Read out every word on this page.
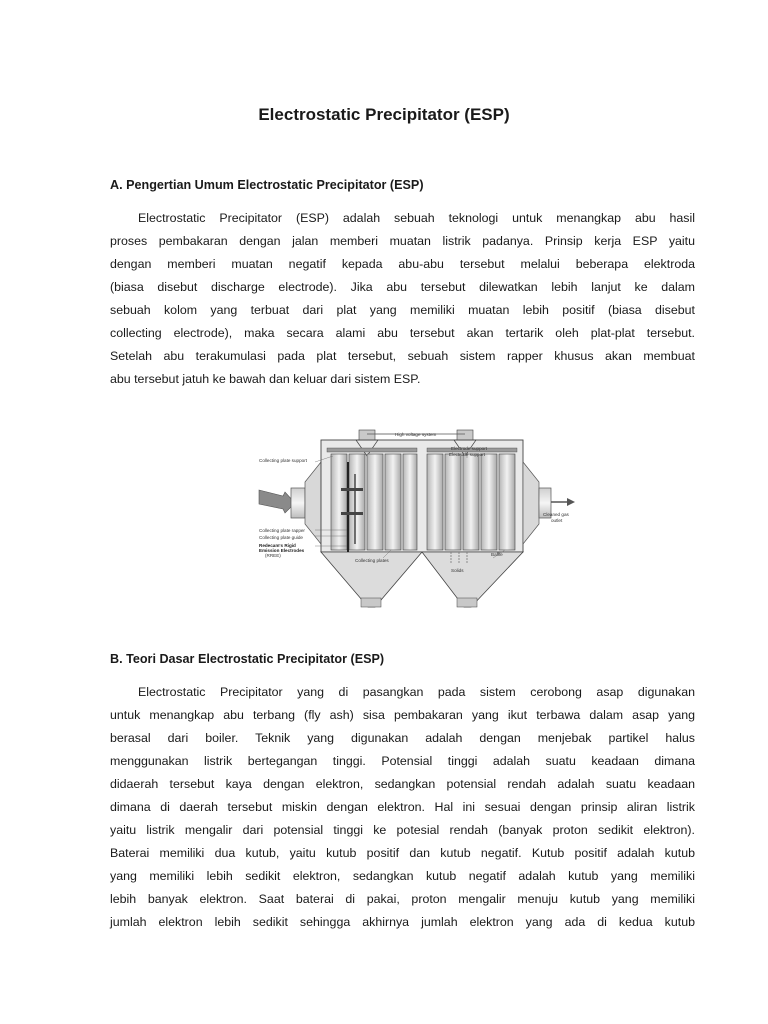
Electrostatic Precipitator (ESP)
A. Pengertian Umum Electrostatic Precipitator (ESP)
Electrostatic Precipitator (ESP) adalah sebuah teknologi untuk menangkap abu hasil
proses pembakaran dengan jalan memberi muatan listrik padanya. Prinsip kerja ESP yaitu
dengan memberi muatan negatif kepada abu-abu tersebut melalui beberapa elektroda
(biasa disebut discharge electrode). Jika abu tersebut dilewatkan lebih lanjut ke dalam
sebuah kolom yang terbuat dari plat yang memiliki muatan lebih positif (biasa disebut
collecting electrode), maka secara alami abu tersebut akan tertarik oleh plat-plat tersebut.
Setelah abu terakumulasi pada plat tersebut, sebuah sistem rapper khusus akan membuat
abu tersebut jatuh ke bawah dan keluar dari sistem ESP.
High voltage system
Electrode support
Electrode support
Collecting plate support
Cleaned gas
outlet
Collecting plate rapper
Collecting plate guide
Redecam's Rigid
Emission Electrodes
(RREE)	Baffle
Collecting plates
Solids
B. Teori Dasar Electrostatic Precipitator (ESP)
Electrostatic Precipitator yang di pasangkan pada sistem cerobong asap digunakan
untuk menangkap abu terbang (fly ash) sisa pembakaran yang ikut terbawa dalam asap yang
berasal dari boiler. Teknik yang digunakan adalah dengan menjebak partikel halus
menggunakan listrik bertegangan tinggi. Potensial tinggi adalah suatu keadaan dimana
didaerah tersebut kaya dengan elektron, sedangkan potensial rendah adalah suatu keadaan
dimana di daerah tersebut miskin dengan elektron. Hal ini sesuai dengan prinsip aliran listrik
yaitu listrik mengalir dari potensial tinggi ke potesial rendah (banyak proton sedikit elektron).
Baterai memiliki dua kutub, yaitu kutub positif dan kutub negatif. Kutub positif adalah kutub
yang memiliki lebih sedikit elektron, sedangkan kutub negatif adalah kutub yang memiliki
lebih banyak elektron. Saat baterai di pakai, proton mengalir menuju kutub yang memiliki
jumlah elektron lebih sedikit sehingga akhirnya jumlah elektron yang ada di kedua kutub
